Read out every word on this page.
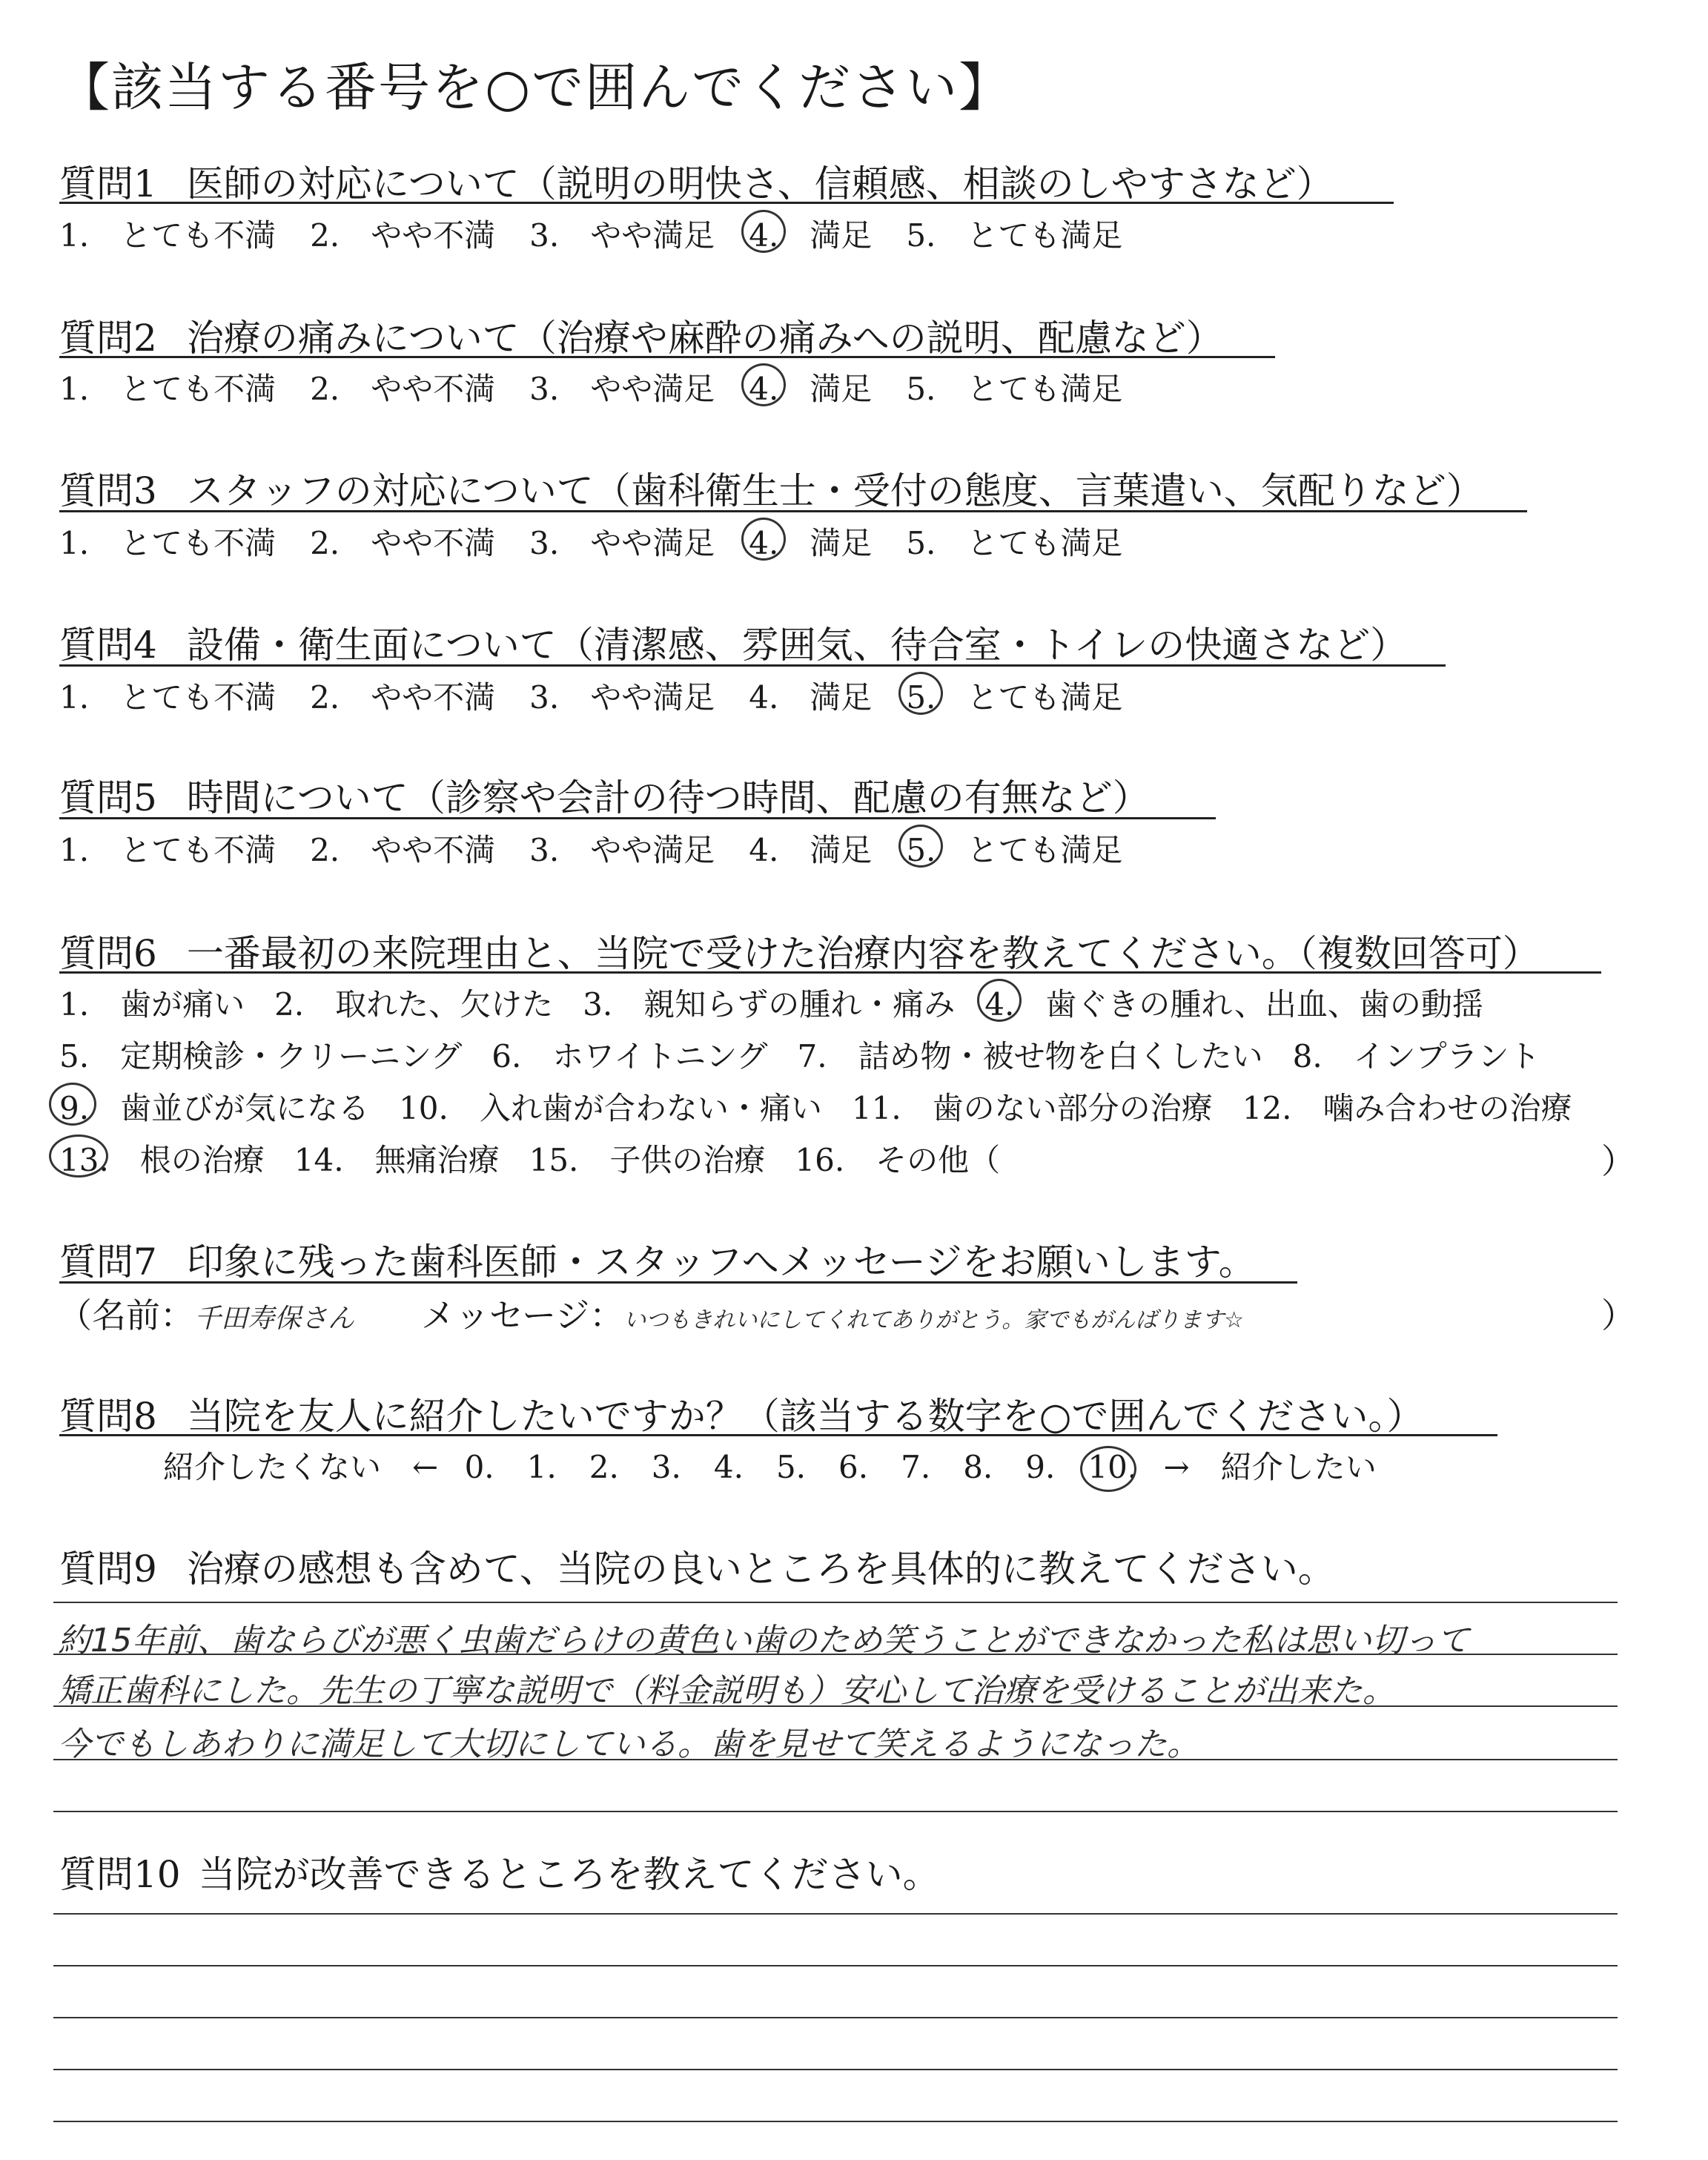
【該当する番号を○で囲んでください】
質問1 医師の対応について（説明の明快さ、信頼感、相談のしやすさなど）
1.　とても不満 2.　やや不満 3.　やや満足 4.　満足 5.　とても満足
質問2 治療の痛みについて（治療や麻酔の痛みへの説明、配慮など）
1.　とても不満 2.　やや不満 3.　やや満足 4.　満足 5.　とても満足
質問3 スタッフの対応について（歯科衛生士・受付の態度、言葉遣い、気配りなど）
1.　とても不満 2.　やや不満 3.　やや満足 4.　満足 5.　とても満足
質問4 設備・衛生面について（清潔感、雰囲気、待合室・トイレの快適さなど）
1.　とても不満 2.　やや不満 3.　やや満足 4.　満足 5.　とても満足
質問5 時間について（診察や会計の待つ時間、配慮の有無など）
1.　とても不満 2.　やや不満 3.　やや満足 4.　満足 5.　とても満足
質問6 一番最初の来院理由と、当院で受けた治療内容を教えてください。（複数回答可）
1.　歯が痛い 2.　取れた、欠けた 3.　親知らずの腫れ・痛み 4.　歯ぐきの腫れ、出血、歯の動揺
5.　定期検診・クリーニング 6.　ホワイトニング 7.　詰め物・被せ物を白くしたい 8.　インプラント
9.　歯並びが気になる 10.　入れ歯が合わない・痛い 11.　歯のない部分の治療 12.　噛み合わせの治療
13.　根の治療 14.　無痛治療 15.　子供の治療 16.　その他（	）
質問7 印象に残った歯科医師・スタッフへメッセージをお願いします。
（名前：千田寿保さん メッセージ：いつもきれいにしてくれてありがとう。家でもがんばります☆	）
質問8 当院を友人に紹介したいですか？（該当する数字を○で囲んでください。）
紹介したくない　← 0. 1. 2. 3. 4. 5. 6. 7. 8. 9. 10. →　紹介したい
質問9 治療の感想も含めて、当院の良いところを具体的に教えてください。
約15年前、歯ならびが悪く虫歯だらけの黄色い歯のため笑うことができなかった私は思い切って
矯正歯科にした。先生の丁寧な説明で（料金説明も）安心して治療を受けることが出来た。
今でもしあわりに満足して大切にしている。歯を見せて笑えるようになった。
質問10 当院が改善できるところを教えてください。
